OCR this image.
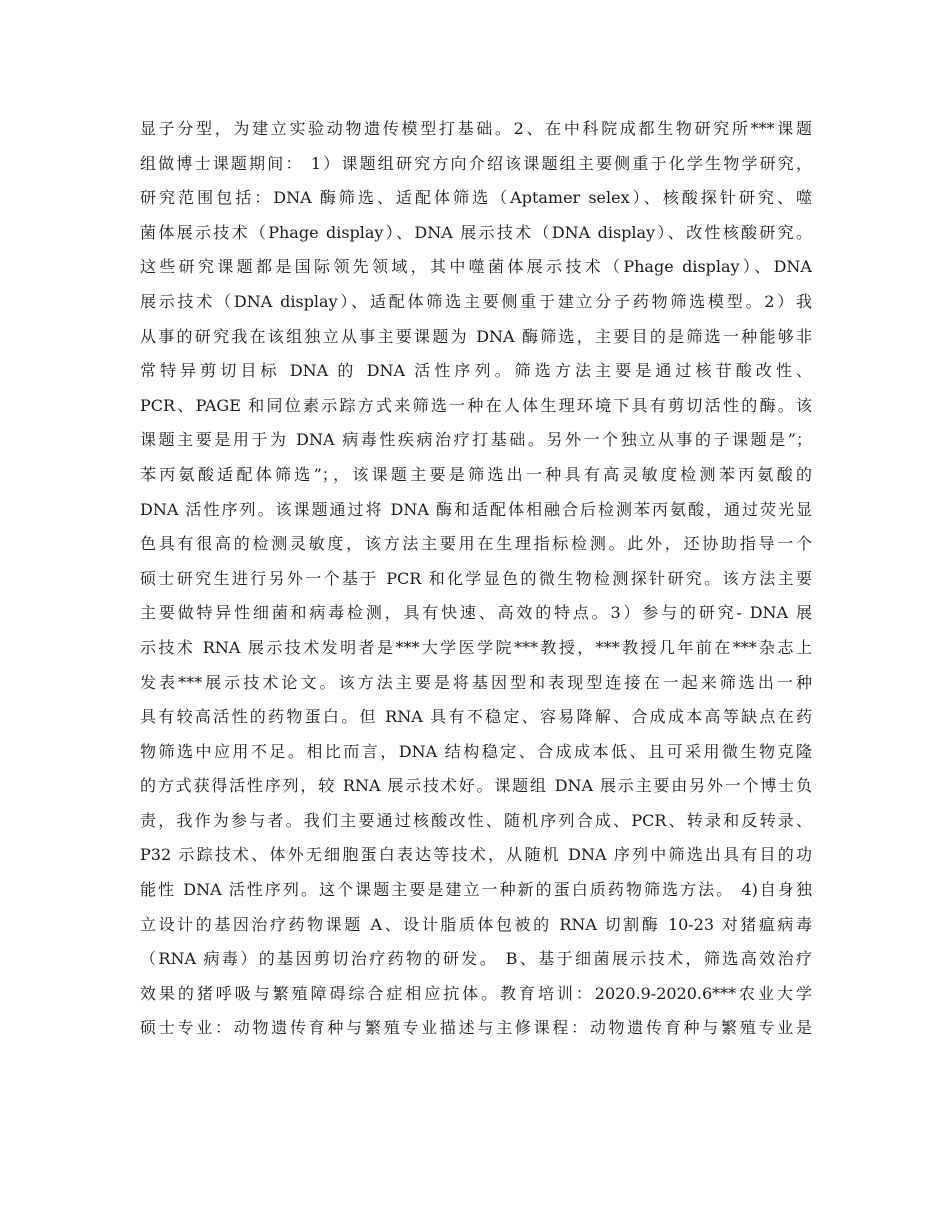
显子分型，为建立实验动物遗传模型打基础。2、在中科院成都生物研究所***课题
组做博士课题期间： 1）课题组研究方向介绍该课题组主要侧重于化学生物学研究，
研究范围包括：DNA 酶筛选、适配体筛选（Aptamer selex）、核酸探针研究、噬
菌体展示技术（Phage display）、DNA 展示技术（DNA display）、改性核酸研究。
这些研究课题都是国际领先领域，其中噬菌体展示技术（Phage display）、DNA
展示技术（DNA display）、适配体筛选主要侧重于建立分子药物筛选模型。2）我
从事的研究我在该组独立从事主要课题为 DNA 酶筛选，主要目的是筛选一种能够非
常特异剪切目标 DNA 的 DNA 活性序列。筛选方法主要是通过核苷酸改性、
PCR、PAGE 和同位素示踪方式来筛选一种在人体生理环境下具有剪切活性的酶。该
课题主要是用于为 DNA 病毒性疾病治疗打基础。另外一个独立从事的子课题是”；
苯丙氨酸适配体筛选”；，该课题主要是筛选出一种具有高灵敏度检测苯丙氨酸的
DNA 活性序列。该课题通过将 DNA 酶和适配体相融合后检测苯丙氨酸，通过荧光显
色具有很高的检测灵敏度，该方法主要用在生理指标检测。此外，还协助指导一个
硕士研究生进行另外一个基于 PCR 和化学显色的微生物检测探针研究。该方法主要
主要做特异性细菌和病毒检测，具有快速、高效的特点。3）参与的研究- DNA 展
示技术 RNA 展示技术发明者是***大学医学院***教授，***教授几年前在***杂志上
发表***展示技术论文。该方法主要是将基因型和表现型连接在一起来筛选出一种
具有较高活性的药物蛋白。但 RNA 具有不稳定、容易降解、合成成本高等缺点在药
物筛选中应用不足。相比而言，DNA 结构稳定、合成成本低、且可采用微生物克隆
的方式获得活性序列，较 RNA 展示技术好。课题组 DNA 展示主要由另外一个博士负
责，我作为参与者。我们主要通过核酸改性、随机序列合成、PCR、转录和反转录、
P32 示踪技术、体外无细胞蛋白表达等技术，从随机 DNA 序列中筛选出具有目的功
能性 DNA 活性序列。这个课题主要是建立一种新的蛋白质药物筛选方法。 4)自身独
立设计的基因治疗药物课题 A、设计脂质体包被的 RNA 切割酶 10-23 对猪瘟病毒
（RNA 病毒）的基因剪切治疗药物的研发。 B、基于细菌展示技术，筛选高效治疗
效果的猪呼吸与繁殖障碍综合症相应抗体。教育培训：2020.9-2020.6***农业大学
硕士专业：动物遗传育种与繁殖专业描述与主修课程：动物遗传育种与繁殖专业是
